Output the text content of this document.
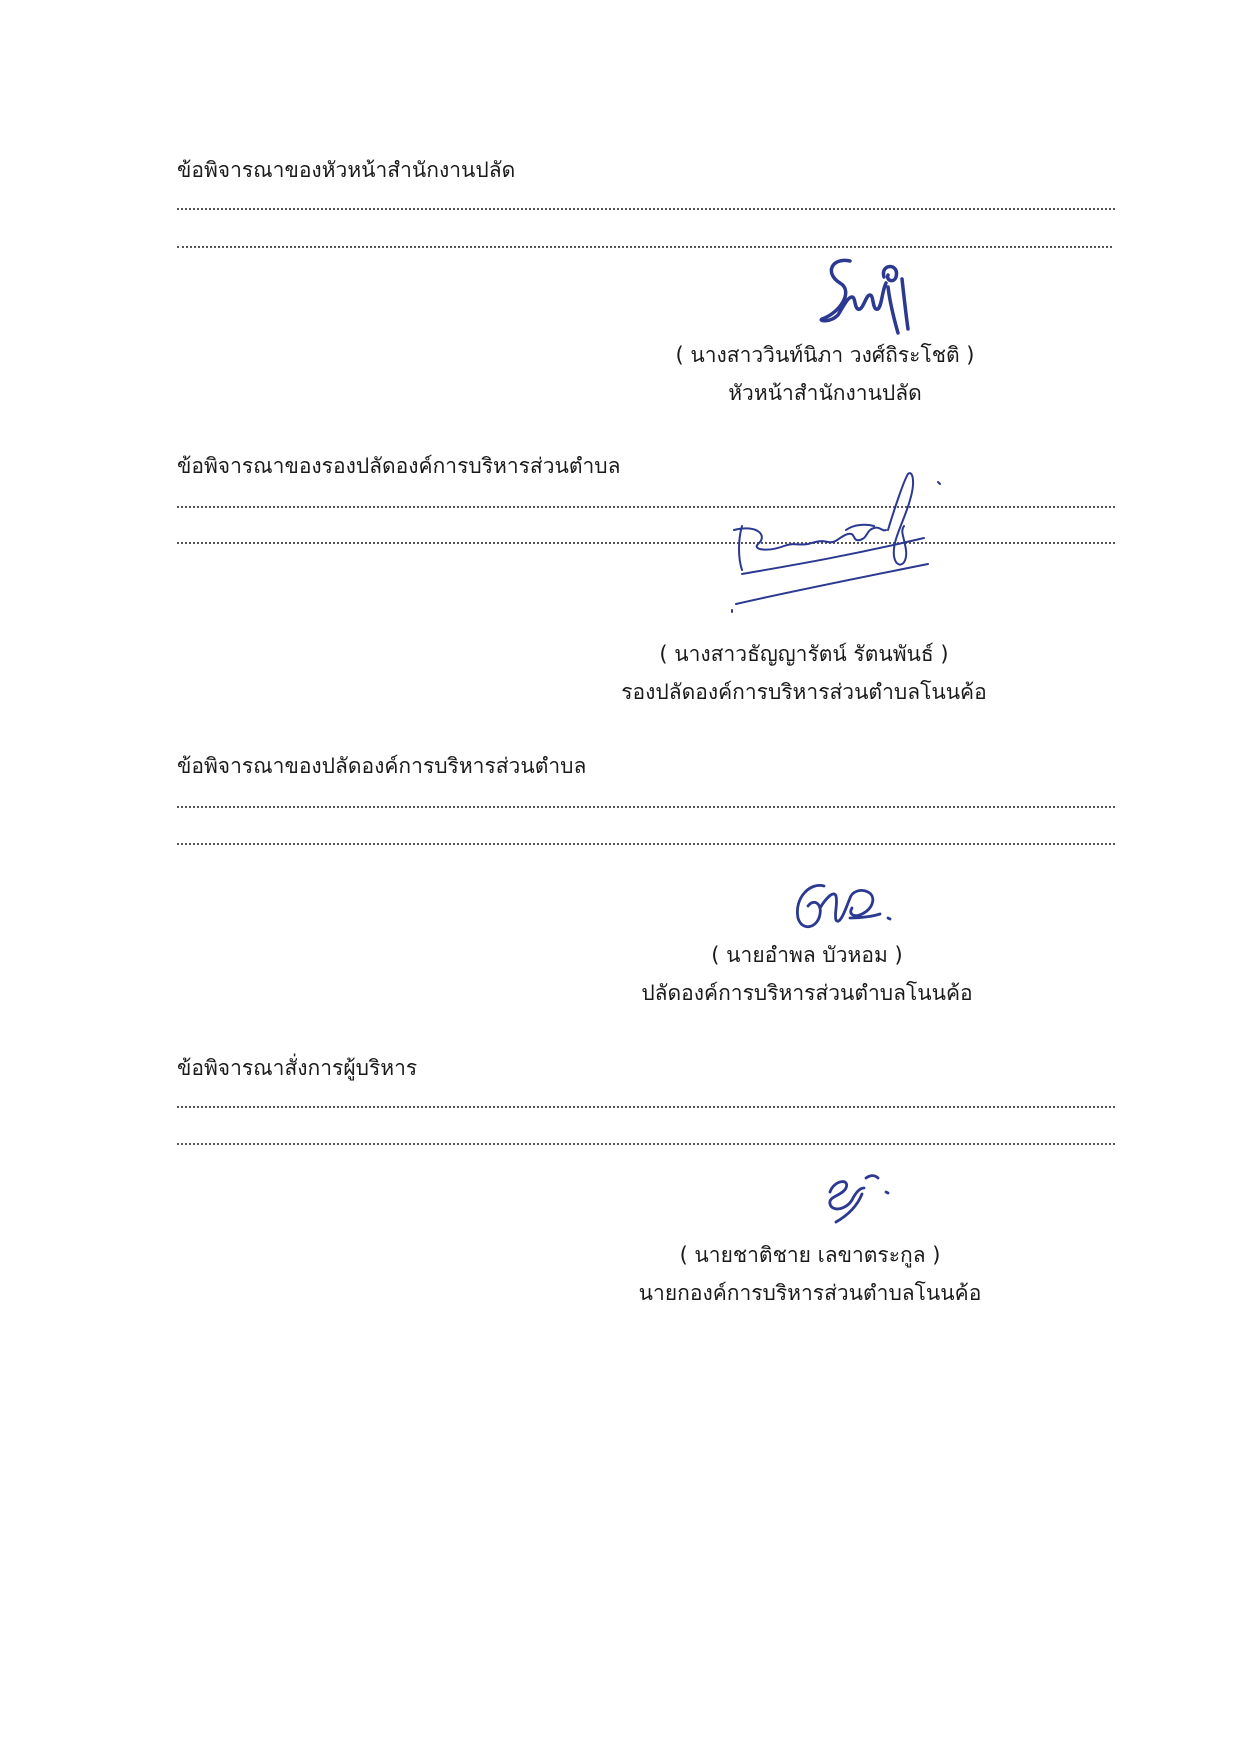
ข้อพิจารณาของหัวหน้าสำนักงานปลัด

( นางสาววินท์นิภา วงศ์ถิระโชติ )
หัวหน้าสำนักงานปลัด

ข้อพิจารณาของรองปลัดองค์การบริหารส่วนตำบล

( นางสาวธัญญารัตน์ รัตนพันธ์ )
รองปลัดองค์การบริหารส่วนตำบลโนนค้อ

ข้อพิจารณาของปลัดองค์การบริหารส่วนตำบล

( นายอำพล บัวหอม )
ปลัดองค์การบริหารส่วนตำบลโนนค้อ

ข้อพิจารณาสั่งการผู้บริหาร

( นายชาติชาย เลขาตระกูล )
นายกองค์การบริหารส่วนตำบลโนนค้อ
